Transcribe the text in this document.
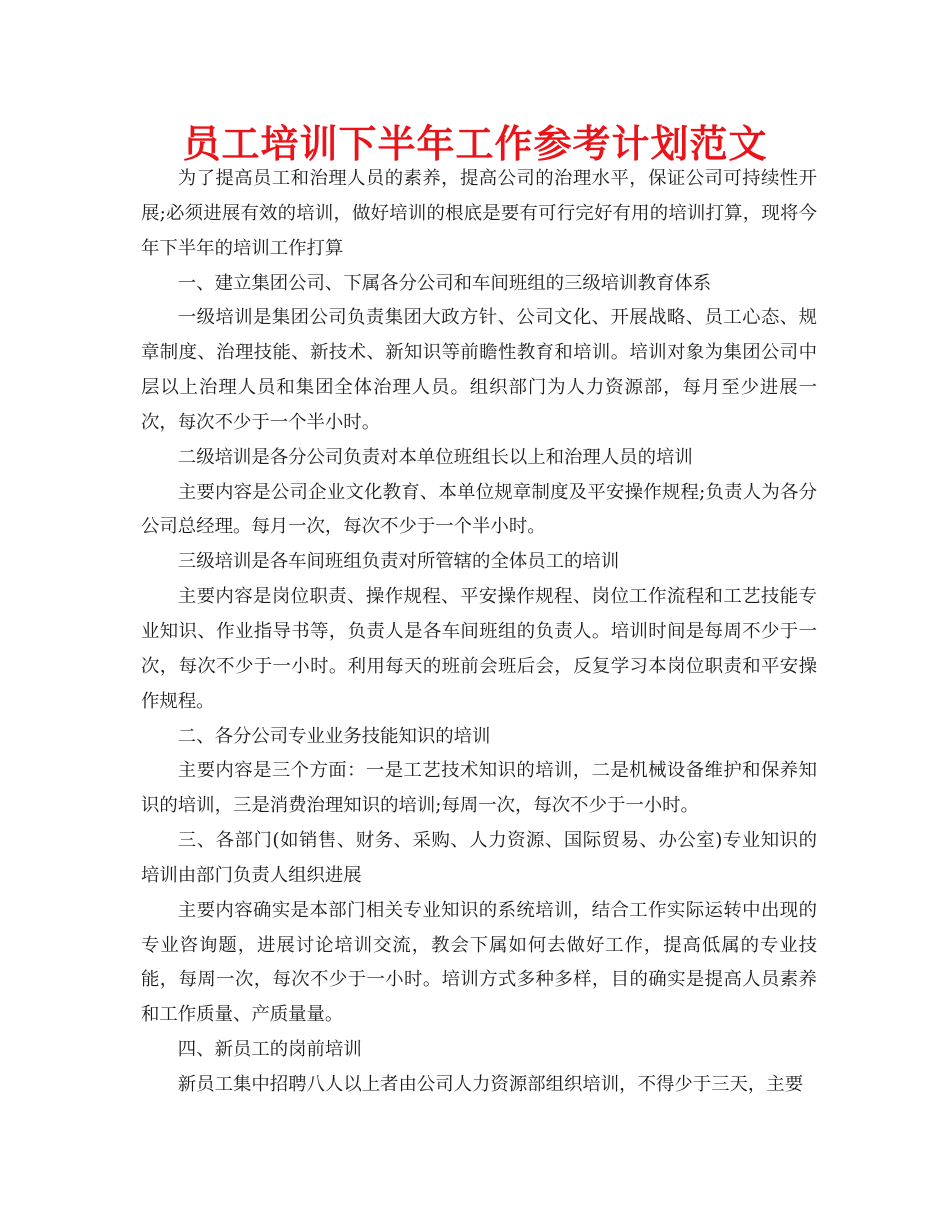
员工培训下半年工作参考计划范文

为了提高员工和治理人员的素养，提高公司的治理水平，保证公司可持续性开展;必须进展有效的培训，做好培训的根底是要有可行完好有用的培训打算，现将今年下半年的培训工作打算

一、建立集团公司、下属各分公司和车间班组的三级培训教育体系

一级培训是集团公司负责集团大政方针、公司文化、开展战略、员工心态、规章制度、治理技能、新技术、新知识等前瞻性教育和培训。培训对象为集团公司中层以上治理人员和集团全体治理人员。组织部门为人力资源部，每月至少进展一次，每次不少于一个半小时。

二级培训是各分公司负责对本单位班组长以上和治理人员的培训

主要内容是公司企业文化教育、本单位规章制度及平安操作规程;负责人为各分公司总经理。每月一次，每次不少于一个半小时。

三级培训是各车间班组负责对所管辖的全体员工的培训

主要内容是岗位职责、操作规程、平安操作规程、岗位工作流程和工艺技能专业知识、作业指导书等，负责人是各车间班组的负责人。培训时间是每周不少于一次，每次不少于一小时。利用每天的班前会班后会，反复学习本岗位职责和平安操作规程。

二、各分公司专业业务技能知识的培训

主要内容是三个方面：一是工艺技术知识的培训，二是机械设备维护和保养知识的培训，三是消费治理知识的培训;每周一次，每次不少于一小时。

三、各部门(如销售、财务、采购、人力资源、国际贸易、办公室)专业知识的培训由部门负责人组织进展

主要内容确实是本部门相关专业知识的系统培训，结合工作实际运转中出现的专业咨询题，进展讨论培训交流，教会下属如何去做好工作，提高低属的专业技能，每周一次，每次不少于一小时。培训方式多种多样，目的确实是提高人员素养和工作质量、产质量量。

四、新员工的岗前培训

新员工集中招聘八人以上者由公司人力资源部组织培训，不得少于三天，主要
